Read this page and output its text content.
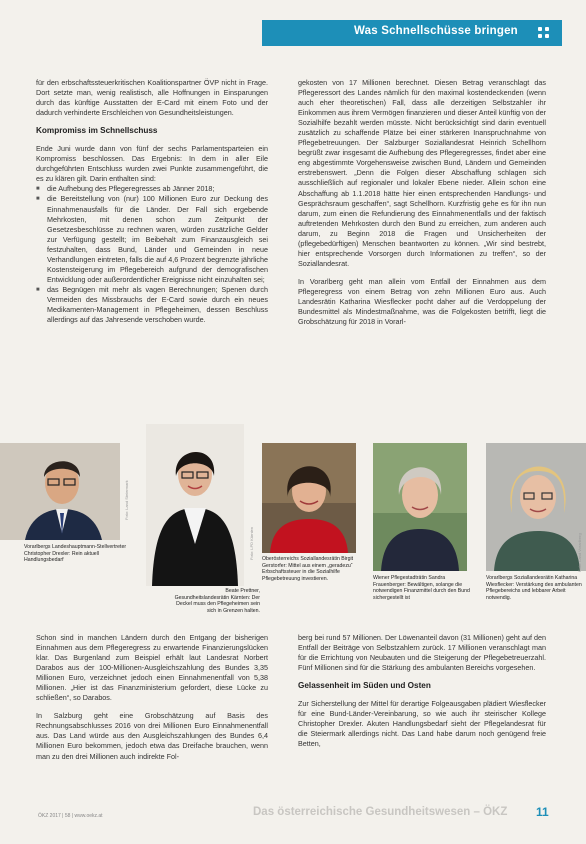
Was Schnellschüsse bringen

für den erbschaftssteuerkritischen Koalitionspartner ÖVP nicht in Frage. Dort setzte man, wenig realistisch, alle Hoffnungen in Einsparungen durch das künftige Ausstatten der E-Card mit einem Foto und der dadurch verhinderte Erschleichen von Gesundheitsleistungen.

Kompromiss im Schnellschuss

Ende Juni wurde dann von fünf der sechs Parlamentsparteien ein Kompromiss beschlossen. Das Ergebnis: In dem in aller Eile durchgeführten Entschluss wurden zwei Punkte zusammengeführt, die es zu klären gilt. Darin enthalten sind:

■ die Aufhebung des Pflegeregresses ab Jänner 2018;
■ die Bereitstellung von (nur) 100 Millionen Euro zur Deckung des Einnahmenausfalls für die Länder. Der Fall sich ergebende Mehrkosten, mit denen schon zum Zeitpunkt der Gesetzesbeschlüsse zu rechnen waren, würden zusätzliche Gelder zur Verfügung gestellt; im Beibehalt zum Finanzausgleich sei festzuhalten, dass Bund, Länder und Gemeinden in neue Verhandlungen eintreten, falls die auf 4,6 Prozent begrenzte jährliche Kostensteigerung im Pflegebereich aufgrund der demografischen Entwicklung oder außerordentlicher Ereignisse nicht einzuhalten sei;
■ das Begnügen mit mehr als vagen Berechnungen; Spenen durch Vermeiden des Missbrauchs der E-Card sowie durch ein neues Medikamenten-Management in Pflegeheimen, dessen Beschluss allerdings auf das Jahresende verschoben wurde.

gekosten von 17 Millionen berechnet. Diesen Betrag veranschlagt das Pflegeressort des Landes nämlich für den maximal kostendeckenden (wenn auch eher theoretischen) Fall, dass alle derzeitigen Selbstzahler ihr Einkommen aus ihrem Vermögen finanzieren und dieser Anteil künftig von der Sozialhilfe bezahlt werden müsste. Nicht berücksichtigt sind darin eventuell zusätzlich zu schaffende Plätze bei einer stärkeren Inanspruchnahme von Pflegebetreuungen. Der Salzburger Soziallandesrat Heinrich Schellhorn begrüßt zwar insgesamt die Aufhebung des Pflegeregresses, findet aber eine eng abgestimmte Vorgehensweise zwischen Bund, Ländern und Gemeinden erstrebenswert. „Denn die Folgen dieser Abschaffung schlagen sich ausschließlich auf regionaler und lokaler Ebene nieder. Allein schon eine Abschaffung ab 1.1.2018 hätte hier einen entsprechenden Handlungs- und Gesprächsraum geschaffen“, sagt Schellhorn. Kurzfristig gehe es für ihn nun darum, zum einen die Refundierung des Einnahmenentfalls und der faktisch auftretenden Mehrkosten durch den Bund zu erreichen, zum anderen auch darum, zu Beginn 2018 die Fragen und Unsicherheiten der (pflegebedürftigen) Menschen beantworten zu können. „Wir sind bestrebt, hier entsprechende Vorsorgen durch Informationen zu treffen“, so der Soziallandesrat.

In Vorarlberg geht man allein vom Entfall der Einnahmen aus dem Pflegeregress von einem Betrag von zehn Millionen Euro aus. Auch Landesrätin Katharina Wiesflecker pocht daher auf die Verdoppelung der Bundesmittel als Mindestmaßnahme, was die Folgekosten betrifft, liegt die Grobschätzung für 2018 in Vorarl-

Vorarlbergs Landeshauptmann-Stellvertreter Christopher Drexler: Rein aktuell Handlungsbedarf
Foto: Land Steiermark
Beate Prettner, Gesundheitslandesrätin Kärnten: Der Deckel muss den Pflegeheimen sein sich in Grenzen halten.
Foto: LPD Kärnten Oberösterreichs Soziallandesrätin Birgit Gerstorfer: Mittel aus einem „geradezu“ Erbschaftssteuer in die Sozialhilfe Pflegebetreuung investieren.	Wiener Pflegestadträtin Sandra Frauenberger: Bewältigen, solange die notwendigen Finanzmittel durch den Bund sichergestellt ist
Vorarlbergs Soziallandesrätin Katharina Wiesflecker: Verstärkung des ambulanten Pflegebereichs und lebbarer Arbeit notwendig.
Foto: Land Vorarlberg

Schon sind in manchen Ländern durch den Entgang der bisherigen Einnahmen aus dem Pflegeregress zu erwartende Finanzierungslücken klar. Das Burgenland zum Beispiel erhält laut Landesrat Norbert Darabos aus der 100-Millionen-Ausgleichszahlung des Bundes 3,35 Millionen Euro, verzeichnet jedoch einen Einnahmenentfall von 5,38 Millionen. „Hier ist das Finanzministerium gefordert, diese Lücke zu schließen“, so Darabos.

In Salzburg geht eine Grobschätzung auf Basis des Rechnungsabschlusses 2016 von drei Millionen Euro Einnahmenentfall aus. Das Land würde aus den Ausgleichszahlungen des Bundes 6,4 Millionen Euro bekommen, jedoch etwa das Dreifache brauchen, wenn man zu den drei Millionen auch indirekte Fol-

berg bei rund 57 Millionen. Der Löwenanteil davon (31 Millionen) geht auf den Entfall der Beiträge von Selbstzahlern zurück. 17 Millionen veranschlagt man für die Errichtung von Neubauten und die Steigerung der Pflegebetreuerzahl. Fünf Millionen sind für die Stärkung des ambulanten Bereichs vorgesehen.

Gelassenheit im Süden und Osten

Zur Sicherstellung der Mittel für derartige Folgeausgaben plädiert Wiesflecker für eine Bund-Länder-Vereinbarung, so wie auch ihr steirischer Kollege Christopher Drexler. Akuten Handlungsbedarf sieht der Pflegelandesrat für die Steiermark allerdings nicht. Das Land habe darum noch genügend freie Betten,

ÖKZ 2017 | 58 | www.oekz.at	Das österreichische Gesundheitswesen – ÖKZ 11
